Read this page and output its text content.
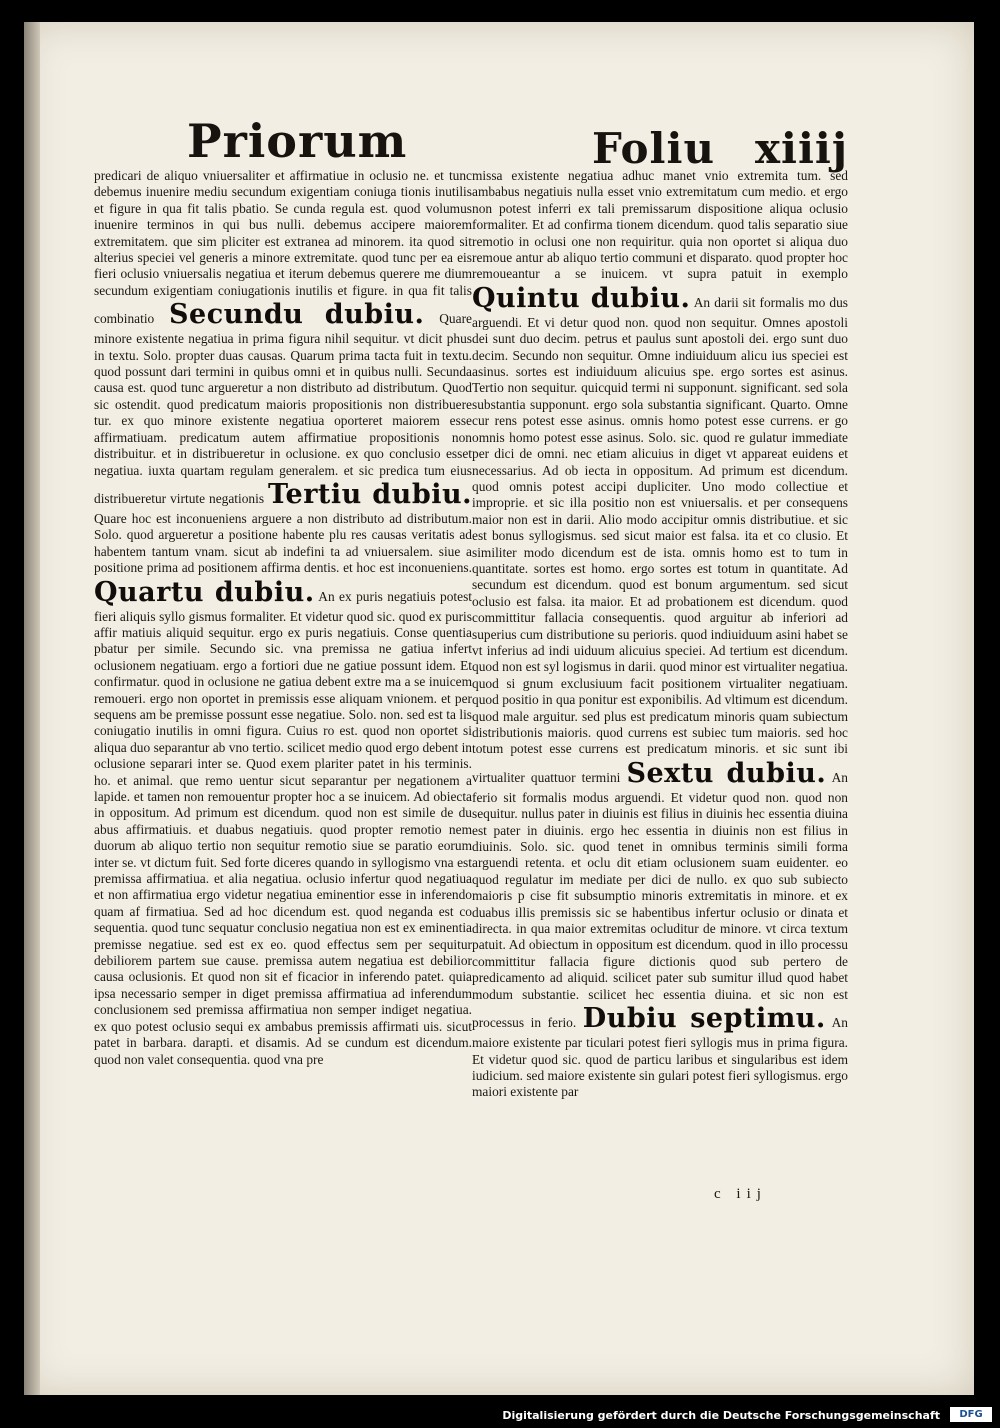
Priorum	Foliu xiiij

predicari de aliquo vniuersaliter et affirmatiue in oclusio ne. et tunc debemus inuenire mediu secundum exigentiam coniuga tionis inutilis et figure in qua fit talis pbatio. Se cunda regula est. quod volumus inuenire terminos in qui bus nulli. debemus accipere maiorem extremitatem. que sim pliciter est extranea ad minorem. ita quod sit alterius speciei vel generis a minore extremitate. quod tunc per ea eis fieri oclusio vniuersalis negatiua et iterum debemus querere me dium secundum exigentiam coniugationis inutilis et figure. in qua fit talis combinatio Secundu dubiu. Quare minore existente negatiua in prima figura nihil sequitur. vt dicit phus in textu. Solo. propter duas causas. Quarum prima tacta fuit in textu. quod possunt dari termini in quibus omni et in quibus nulli. Secunda causa est. quod tunc argueretur a non distributo ad distributum. Quod sic ostendit. quod predicatum maioris propositionis non distribuere tur. ex quo minore existente negatiua oporteret maiorem esse affirmatiuam. predicatum autem affirmatiue propositionis non distribuitur. et in distribueretur in oclusione. ex quo conclusio esset negatiua. iuxta quartam regulam generalem. et sic predica tum eius distribueretur virtute negationis Tertiu dubiu. Quare hoc est inconueniens arguere a non distributo ad distributum. Solo. quod argueretur a positione habente plu res causas veritatis ad habentem tantum vnam. sicut ab indefini ta ad vniuersalem. siue a positione prima ad positionem affirma dentis. et hoc est inconueniens. Quartu dubiu. An ex puris negatiuis potest fieri aliquis syllo gismus formaliter. Et videtur quod sic. quod ex puris affir matiuis aliquid sequitur. ergo ex puris negatiuis. Conse quentia pbatur per simile. Secundo sic. vna premissa ne gatiua infert oclusionem negatiuam. ergo a fortiori due ne gatiue possunt idem. Et confirmatur. quod in oclusione ne gatiua debent extre ma a se inuicem remoueri. ergo non oportet in premissis esse aliquam vnionem. et per sequens am be premisse possunt esse negatiue. Solo. non. sed est ta lis coniugatio inutilis in omni figura. Cuius ro est. quod non oportet si aliqua duo separantur ab vno tertio. scilicet medio quod ergo debent in oclusione separari inter se. Quod exem plariter patet in his terminis. ho. et animal. que remo uentur sicut separantur per negationem a lapide. et tamen non remouentur propter hoc a se inuicem. Ad obiecta in oppositum. Ad primum est dicendum. quod non est simile de du abus affirmatiuis. et duabus negatiuis. quod propter remotio nem duorum ab aliquo tertio non sequitur remotio siue se paratio eorum inter se. vt dictum fuit. Sed forte diceres quando in syllogismo vna est premissa affirmatiua. et alia negatiua. oclusio infertur quod negatiua et non affirmatiua ergo videtur negatiua eminentior esse in inferendo quam af firmatiua. Sed ad hoc dicendum est. quod neganda est co sequentia. quod tunc sequatur conclusio negatiua non est ex eminentia premisse negatiue. sed est ex eo. quod effectus sem per sequitur debiliorem partem sue cause. premissa autem negatiua est debilior causa oclusionis. Et quod non sit ef ficacior in inferendo patet. quia ipsa necessario semper in diget premissa affirmatiua ad inferendum conclusionem sed premissa affirmatiua non semper indiget negatiua. ex quo potest oclusio sequi ex ambabus premissis affirmati uis. sicut patet in barbara. darapti. et disamis. Ad se cundum est dicendum. quod non valet consequentia. quod vna pre

missa existente negatiua adhuc manet vnio extremita tum. sed ambabus negatiuis nulla esset vnio extremitatum cum medio. et ergo non potest inferri ex tali premissarum dispositione aliqua oclusio formaliter. Et ad confirma tionem dicendum. quod talis separatio siue remotio in oclusi one non requiritur. quia non oportet si aliqua duo remoue antur ab aliquo tertio communi et disparato. quod propter hoc remoueantur a se inuicem. vt supra patuit in exemplo Quintu dubiu. An darii sit formalis mo dus arguendi. Et vi detur quod non. quod non sequitur. Omnes apostoli dei sunt duo decim. petrus et paulus sunt apostoli dei. ergo sunt duo decim. Secundo non sequitur. Omne indiuiduum alicu ius speciei est asinus. sortes est indiuiduum alicuius spe. ergo sortes est asinus. Tertio non sequitur. quicquid termi ni supponunt. significant. sed sola substantia supponunt. ergo sola substantia significant. Quarto. Omne cur rens potest esse asinus. omnis homo potest esse currens. er go omnis homo potest esse asinus. Solo. sic. quod re gulatur immediate per dici de omni. nec etiam alicuius in diget vt appareat euidens et necessarius. Ad ob iecta in oppositum. Ad primum est dicendum. quod omnis potest accipi dupliciter. Uno modo collectiue et improprie. et sic illa positio non est vniuersalis. et per consequens maior non est in darii. Alio modo accipitur omnis distributiue. et sic est bonus syllogismus. sed sicut maior est falsa. ita et co clusio. Et similiter modo dicendum est de ista. omnis homo est to tum in quantitate. sortes est homo. ergo sortes est totum in quantitate. Ad secundum est dicendum. quod est bonum argumentum. sed sicut oclusio est falsa. ita maior. Et ad probationem est dicendum. quod committitur fallacia consequentis. quod arguitur ab inferiori ad superius cum distributione su perioris. quod indiuiduum asini habet se vt inferius ad indi uiduum alicuius speciei. Ad tertium est dicendum. quod non est syl logismus in darii. quod minor est virtualiter negatiua. quod si gnum exclusiuum facit positionem virtualiter negatiuam. quod positio in qua ponitur est exponibilis. Ad vltimum est dicendum. quod male arguitur. sed plus est predicatum minoris quam subiectum distributionis maioris. quod currens est subiec tum maioris. sed hoc totum potest esse currens est predicatum minoris. et sic sunt ibi virtualiter quattuor termini Sextu dubiu. An ferio sit formalis modus arguendi. Et videtur quod non. quod non sequitur. nullus pater in diuinis est filius in diuinis hec essentia diuina est pater in diuinis. ergo hec essentia in diuinis non est filius in diuinis. Solo. sic. quod tenet in omnibus terminis simili forma arguendi retenta. et oclu dit etiam oclusionem suam euidenter. eo quod regulatur im mediate per dici de nullo. ex quo sub subiecto maioris p cise fit subsumptio minoris extremitatis in minore. et ex duabus illis premissis sic se habentibus infertur oclusio or dinata et directa. in qua maior extremitas ocluditur de minore. vt circa textum patuit. Ad obiectum in oppositum est dicendum. quod in illo processu committitur fallacia figure dictionis quod sub pertero de predicamento ad aliquid. scilicet pater sub sumitur illud quod habet modum substantie. scilicet hec essentia diuina. et sic non est processus in ferio. Dubiu septimu. An maiore existente par ticulari potest fieri syllogis mus in prima figura. Et videtur quod sic. quod de particu laribus et singularibus est idem iudicium. sed maiore existente sin gulari potest fieri syllogismus. ergo maiori existente par

c iij
Digitalisierung gefördert durch die Deutsche Forschungsgemeinschaft	DFG
